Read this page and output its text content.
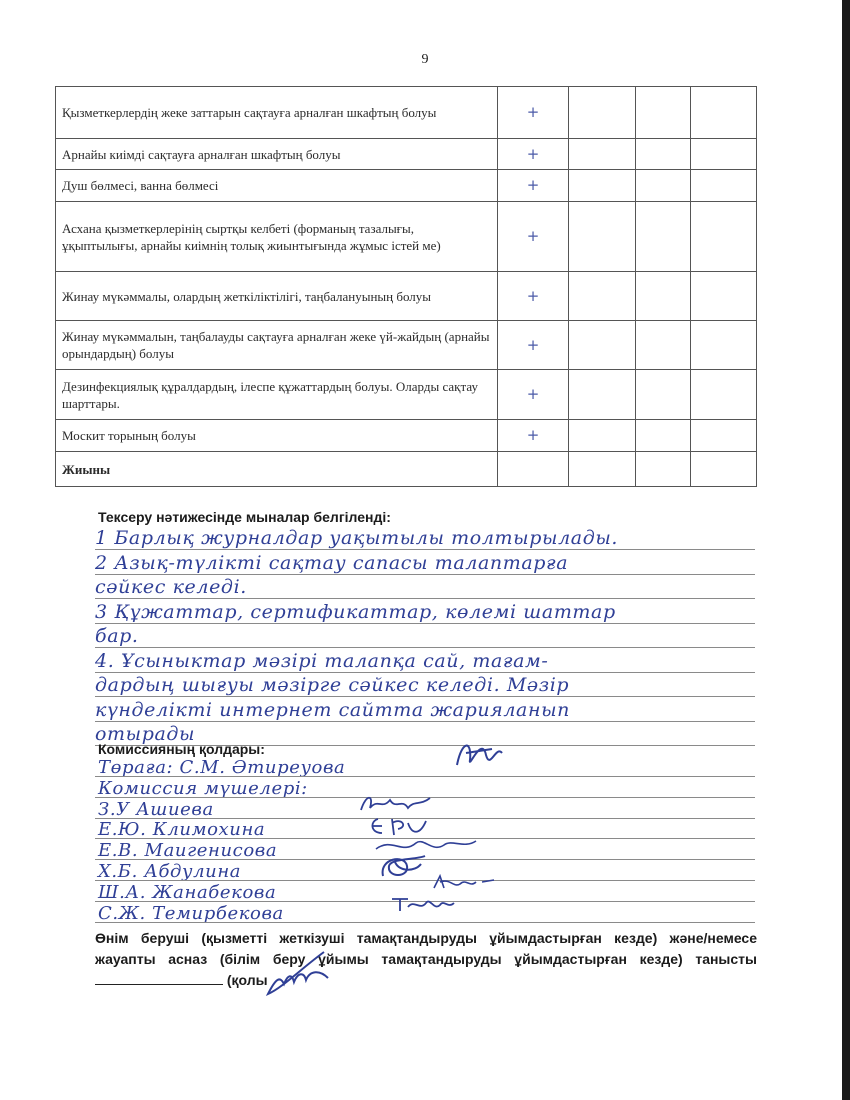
9
Қызметкерлердің жеке заттарын сақтауға арналған шкафтың болуы	+			
Арнайы киімді сақтауға арналған шкафтың болуы	+			
Душ бөлмесі, ванна бөлмесі	+			
Асхана қызметкерлерінің сыртқы келбеті (форманың тазалығы, ұқыптылығы, арнайы киімнің толық жиынтығында жұмыс істей ме)	+			
Жинау мүкәммалы, олардың жеткіліктілігі, таңбалануының болуы	+			
Жинау мүкәммалын, таңбалауды сақтауға арналған жеке үй-жайдың (арнайы орындардың) болуы	+			
Дезинфекциялық құралдардың, ілеспе құжаттардың болуы. Оларды сақтау шарттары.	+			
Москит торының болуы	+			
Жиыны				
Тексеру нәтижесінде мыналар белгіленді:
1 Барлық журналдар уақытылы толтырылады.
2 Азық-түлікті сақтау сапасы талаптарға
сәйкес келеді.
3 Құжаттар, сертификаттар, көлемі шаттар
бар.
4. Ұсыныктар мәзірі талапқа сай, тағам-
дардың шығуы мәзірге сәйкес келеді. Мәзір
күнделікті интернет сайтта жарияланып
отырады
Комиссияның қолдары:
Төраға: С.М. Әтиреуова
Комиссия мүшелері:
З.У Ашиева
Е.Ю. Климохина
Е.В. Маигенисова
Х.Б. Абдулина
Ш.А. Жанабекова
С.Ж. Темирбекова
Өнім беруші (қызметті жеткізуші тамақтандыруды ұйымдастырған кезде) және/немесе жауапты асназ (білім беру ұйымы тамақтандыруды ұйымдастырған кезде) танысты  (қолы
